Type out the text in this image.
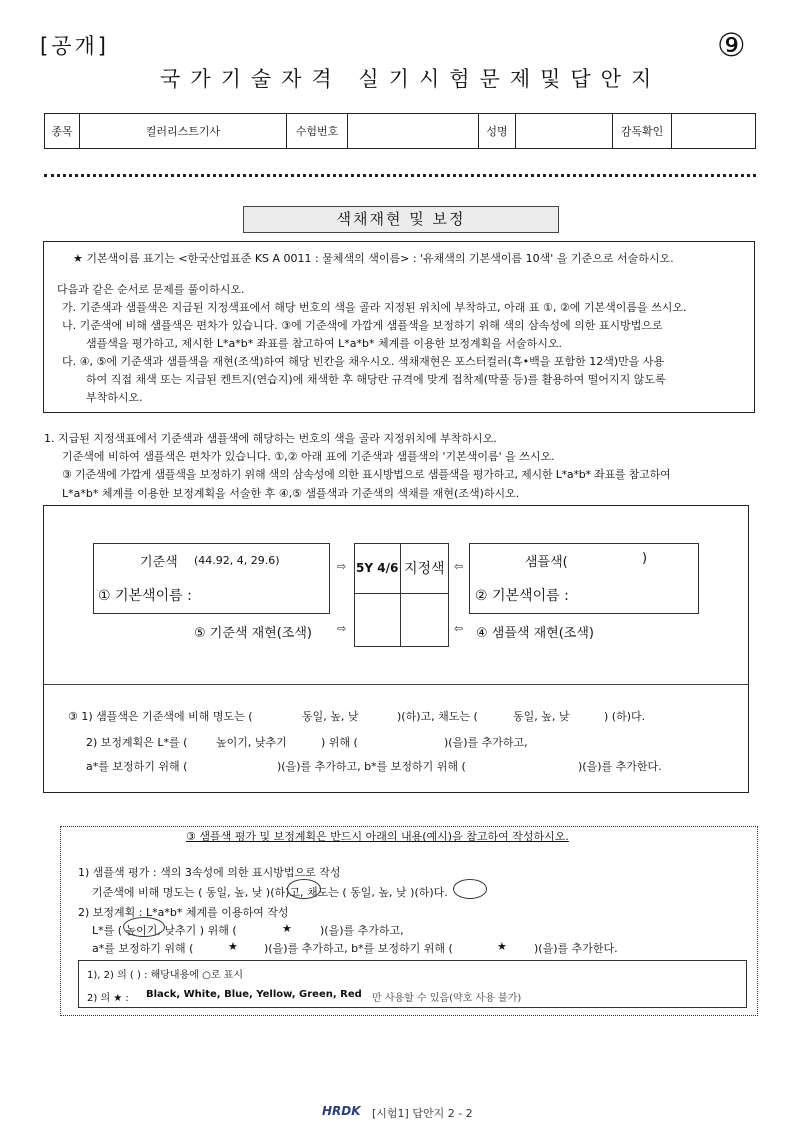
[공개]	⑨
국가기술자격 실기시험문제및답안지
종목	컬러리스트기사	수험번호		성명		감독확인	
색채재현 및 보정
★ 기본색이름 표기는 <한국산업표준 KS A 0011 : 물체색의 색이름> : '유채색의 기본색이름 10색' 을 기준으로 서술하시오.
다음과 같은 순서로 문제를 풀이하시오.
가. 기준색과 샘플색은 지급된 지정색표에서 해당 번호의 색을 골라 지정된 위치에 부착하고, 아래 표 ①, ②에 기본색이름을 쓰시오.
나. 기준색에 비해 샘플색은 편차가 있습니다. ③에 기준색에 가깝게 샘플색을 보정하기 위해 색의 삼속성에 의한 표시방법으로
샘플색을 평가하고, 제시한 L*a*b* 좌표를 참고하여 L*a*b* 체계를 이용한 보정계획을 서술하시오.
다. ④, ⑤에 기준색과 샘플색을 재현(조색)하여 해당 빈칸을 채우시오. 색채재현은 포스터컬러(흑•백을 포함한 12색)만을 사용
하여 직접 채색 또는 지급된 켄트지(연습지)에 채색한 후 해당란 규격에 맞게 접착제(딱풀 등)를 활용하여 떨어지지 않도록
부착하시오.
1. 지급된 지정색표에서 기준색과 샘플색에 해당하는 번호의 색을 골라 지정위치에 부착하시오.
기준색에 비하여 샘플색은 편차가 있습니다. ①,② 아래 표에 기준색과 샘플색의 '기본색이름' 을 쓰시오.
③ 기준색에 가깝게 샘플색을 보정하기 위해 색의 삼속성에 의한 표시방법으로 샘플색을 평가하고, 제시한 L*a*b* 좌표를 참고하여
L*a*b* 체계를 이용한 보정계획을 서술한 후 ④,⑤ 샘플색과 기준색의 색채를 재현(조색)하시오.
기준색 (44.92, 4, 29.6)
① 기본색이름 :
⑤ 기준색 재현(조색)
⇨
⇨
⇦
⇦
5Y 4/6 지정색	샘플색(	)
② 기본색이름 :
④ 샘플색 재현(조색)
③ 1) 샘플색은 기준색에 비해 명도는 (	동일, 높, 낮	)(하)고, 채도는 (	동일, 높, 낮	) (하)다.
2) 보정계획은 L*를 (	높이기, 낮추기	) 위해 (	)(을)를 추가하고,
a*를 보정하기 위해 (	)(을)를 추가하고, b*를 보정하기 위해 (	)(을)를 추가한다.
③ 샘플색 평가 및 보정계획은 반드시 아래의 내용(예시)을 참고하여 작성하시오.
1) 샘플색 평가 : 색의 3속성에 의한 표시방법으로 작성
기준색에 비해 명도는 ( 동일, 높, 낮 )(하)고, 채도는 ( 동일, 높, 낮 )(하)다.
2) 보정계획 : L*a*b* 체계를 이용하여 작성
L*를 ( 높이기, 낮추기 ) 위해 (	★	)(을)를 추가하고,
a*를 보정하기 위해 (	★ )(을)를 추가하고, b*를 보정하기 위해 (	★ )(을)를 추가한다.
1), 2) 의 ( ) : 해당내용에 ○로 표시
2) 의 ★ : Black, White, Blue, Yellow, Green, Red 만 사용할 수 있음(약호 사용 불가)
HRDK [시험1] 답안지 2 - 2
